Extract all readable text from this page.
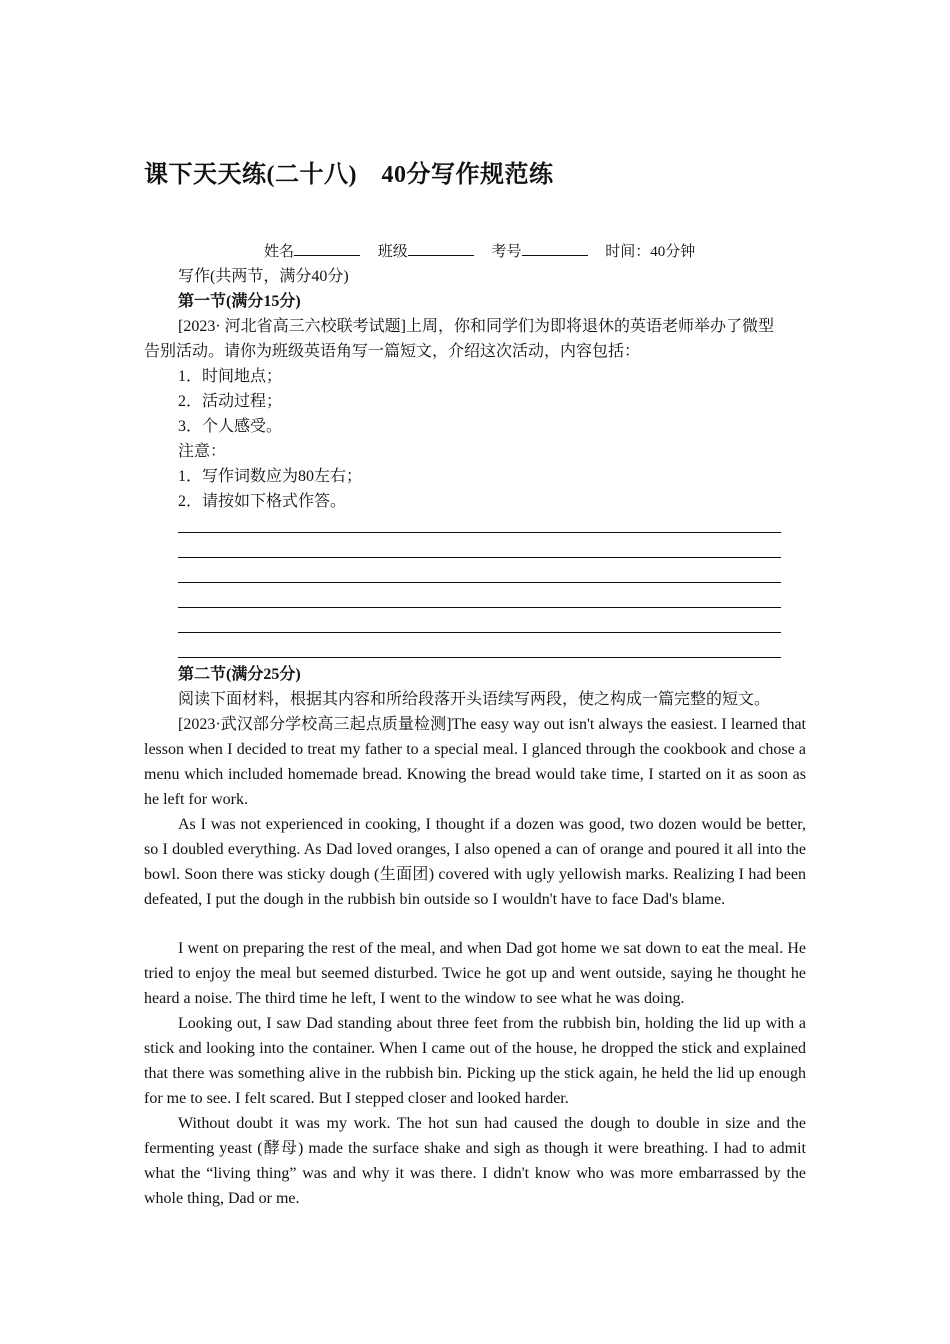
课下天天练(二十八)　40分写作规范练
姓名	班级	考号	时间：40分钟
写作(共两节，满分40分)
第一节(满分15分)
[2023· 河北省高三六校联考试题]上周，你和同学们为即将退休的英语老师举办了微型
告别活动。请你为班级英语角写一篇短文，介绍这次活动，内容包括：
1．时间地点；
2．活动过程；
3．个人感受。
注意：
1．写作词数应为80左右；
2．请按如下格式作答。
第二节(满分25分)
阅读下面材料，根据其内容和所给段落开头语续写两段，使之构成一篇完整的短文。
[2023·武汉部分学校高三起点质量检测]The easy way out isn't always the easiest. I learned that lesson when I decided to treat my father to a special meal. I glanced through the cookbook and chose a menu which included homemade bread. Knowing the bread would take time, I started on it as soon as he left for work.
As I was not experienced in cooking, I thought if a dozen was good, two dozen would be better, so I doubled everything. As Dad loved oranges, I also opened a can of orange and poured it all into the bowl. Soon there was sticky dough (生面团) covered with ugly yellowish marks. Realizing I had been defeated, I put the dough in the rubbish bin outside so I wouldn't have to face Dad's blame.
I went on preparing the rest of the meal, and when Dad got home we sat down to eat the meal. He tried to enjoy the meal but seemed disturbed. Twice he got up and went outside, saying he thought he heard a noise. The third time he left, I went to the window to see what he was doing.
Looking out, I saw Dad standing about three feet from the rubbish bin, holding the lid up with a stick and looking into the container. When I came out of the house, he dropped the stick and explained that there was something alive in the rubbish bin. Picking up the stick again, he held the lid up enough for me to see. I felt scared. But I stepped closer and looked harder.
Without doubt it was my work. The hot sun had caused the dough to double in size and the fermenting yeast (酵母) made the surface shake and sigh as though it were breathing. I had to admit what the “living thing” was and why it was there. I didn't know who was more embarrassed by the whole thing, Dad or me.
